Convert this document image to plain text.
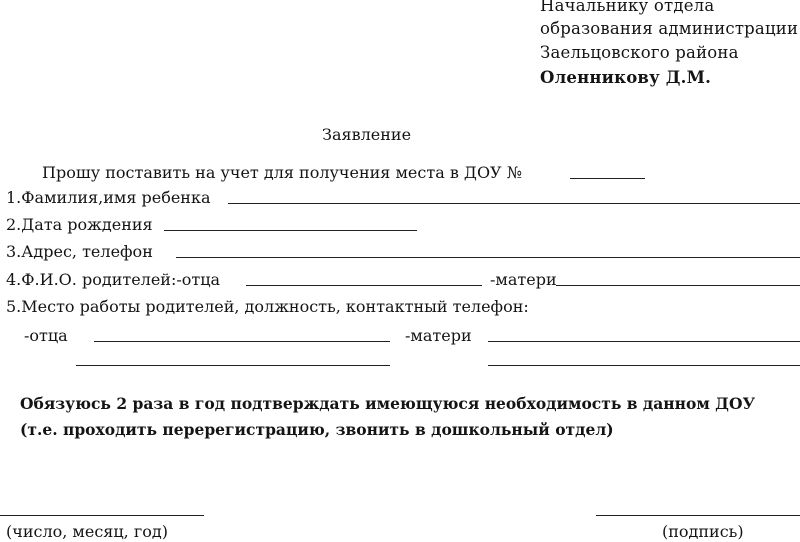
Начальнику отдела
образования администрации
Заельцовского района
Оленникову Д.М.
Заявление
Прошу поставить на учет для получения места в ДОУ №
1.Фамилия,имя ребенка
2.Дата рождения
3.Адрес, телефон
4.Ф.И.О. родителей:-отца	-матери
5.Место работы родителей, должность, контактный телефон:
-отца	-матери
Обязуюсь 2 раза в год подтверждать имеющуюся необходимость в данном ДОУ
(т.е. проходить перерегистрацию, звонить в дошкольный отдел)
(число, месяц, год)	(подпись)
